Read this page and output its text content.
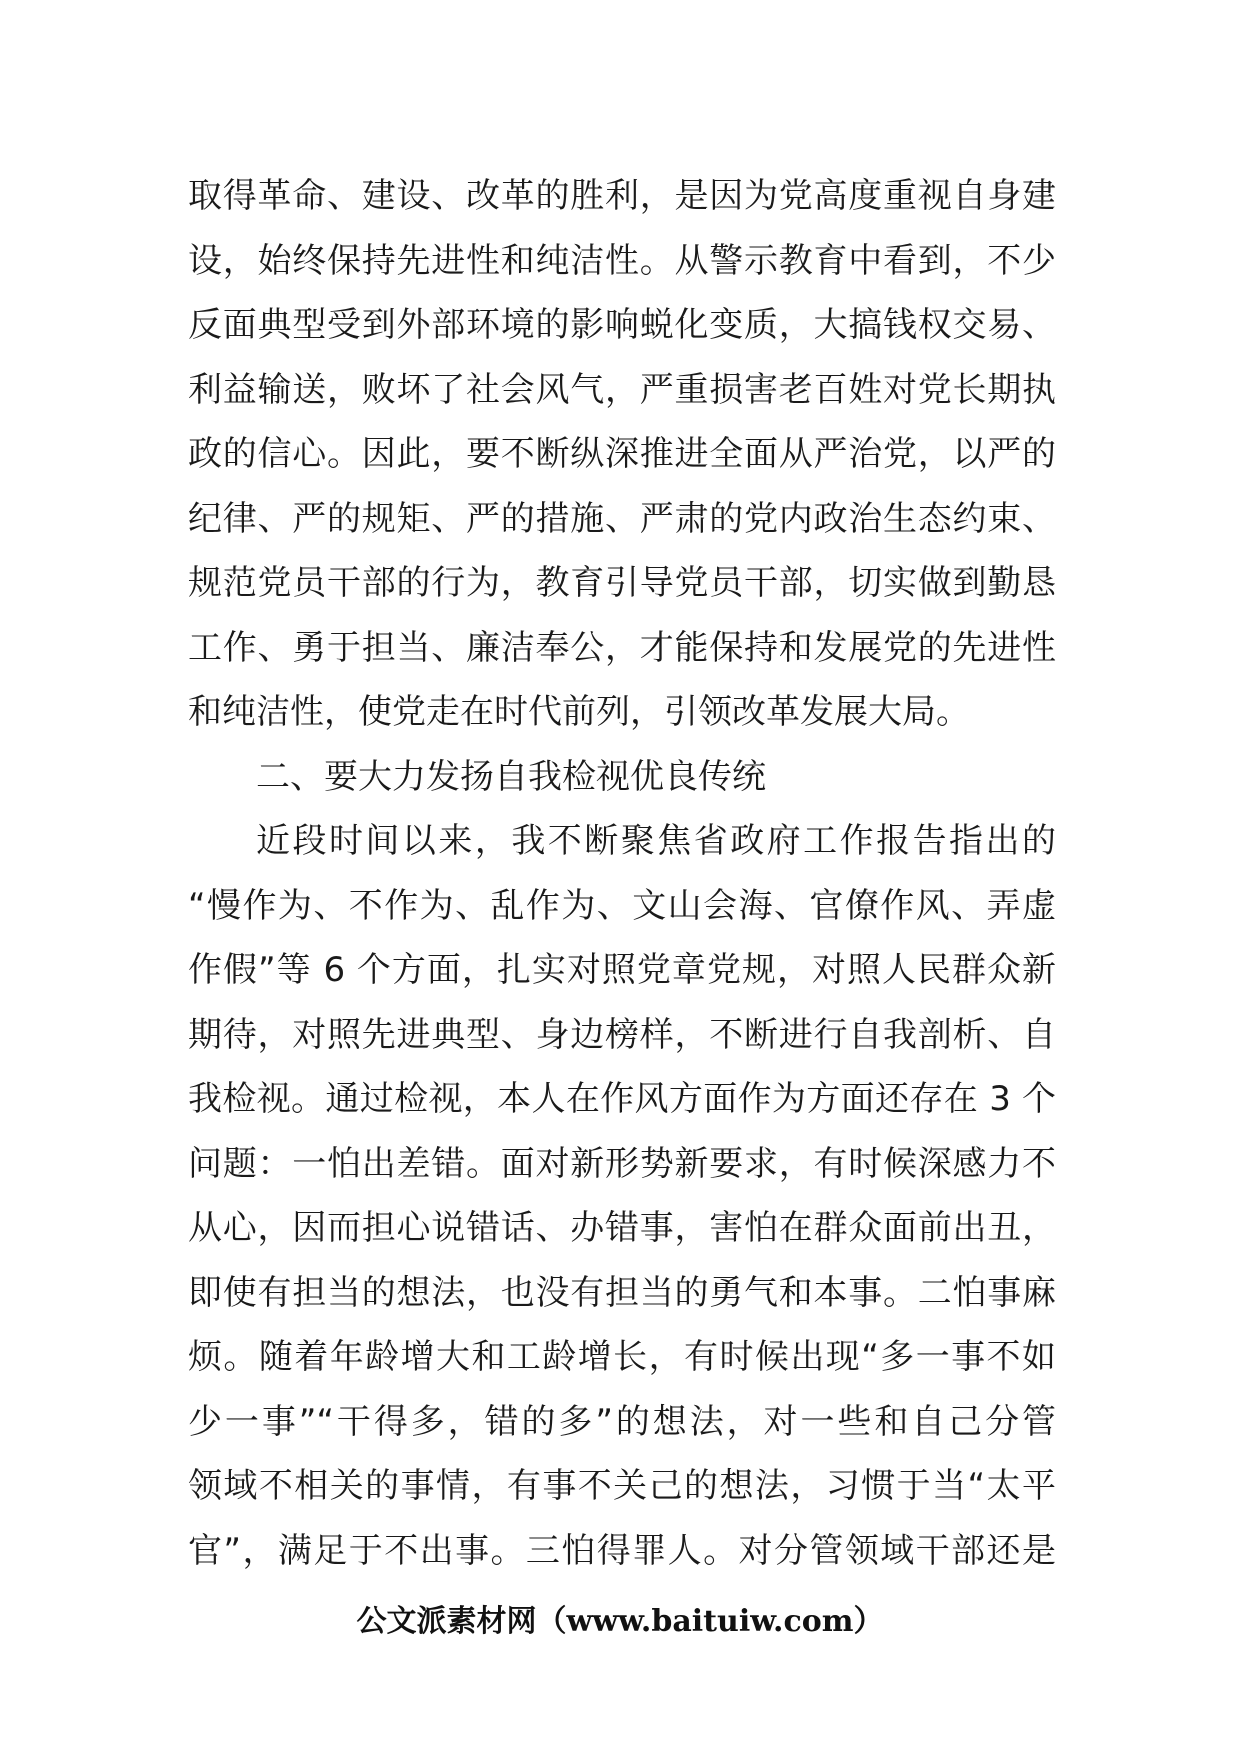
取得革命、建设、改革的胜利，是因为党高度重视自身建
设，始终保持先进性和纯洁性。从警示教育中看到，不少
反面典型受到外部环境的影响蜕化变质，大搞钱权交易、
利益输送，败坏了社会风气，严重损害老百姓对党长期执
政的信心。因此，要不断纵深推进全面从严治党，以严的
纪律、严的规矩、严的措施、严肃的党内政治生态约束、
规范党员干部的行为，教育引导党员干部，切实做到勤恳
工作、勇于担当、廉洁奉公，才能保持和发展党的先进性
和纯洁性，使党走在时代前列，引领改革发展大局。
二、要大力发扬自我检视优良传统
近段时间以来，我不断聚焦省政府工作报告指出的
“慢作为、不作为、乱作为、文山会海、官僚作风、弄虚
作假”等 6 个方面，扎实对照党章党规，对照人民群众新
期待，对照先进典型、身边榜样，不断进行自我剖析、自
我检视。通过检视，本人在作风方面作为方面还存在 3 个
问题：一怕出差错。面对新形势新要求，有时候深感力不
从心，因而担心说错话、办错事，害怕在群众面前出丑，
即使有担当的想法，也没有担当的勇气和本事。二怕事麻
烦。随着年龄增大和工龄增长，有时候出现“多一事不如
少一事”“干得多，错的多”的想法，对一些和自己分管
领域不相关的事情，有事不关己的想法，习惯于当“太平
官”，满足于不出事。三怕得罪人。对分管领域干部还是
公文派素材网（www.baituiw.com）
